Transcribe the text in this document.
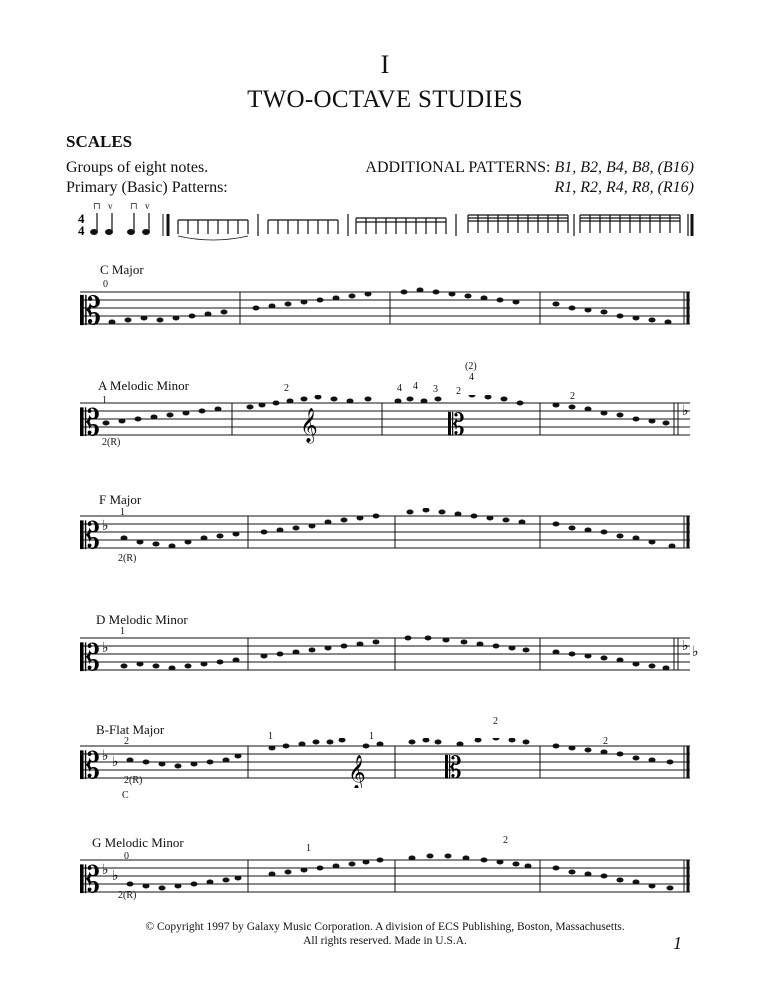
I
TWO-OCTAVE STUDIES
SCALES
Groups of eight notes.
Primary (Basic) Patterns:
ADDITIONAL PATTERNS: B1, B2, B4, B8, (B16)
R1, R2, R4, R8, (R16)
4
4
⊓ v ⊓ v
C Major
0
𝄡
A Melodic Minor
1
2	4 4 3 2
(2)
4
2
2(R)
𝄡	𝄞	𝄡	♭
F Major
1
2(R)
𝄡 ♭
D Melodic Minor
1
𝄡 ♭	♭ ♭
B-Flat Major
2	1	1
2
2
2(R)
C
𝄡 ♭ ♭	𝄞	𝄡
G Melodic Minor
0
1
2
2(R)
𝄡 ♭ ♭
© Copyright 1997 by Galaxy Music Corporation. A division of ECS Publishing, Boston, Massachusetts.
All rights reserved. Made in U.S.A.	1
